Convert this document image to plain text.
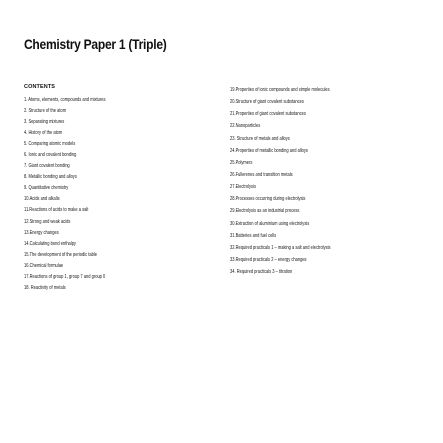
Chemistry Paper 1 (Triple)
CONTENTS
1. Atoms, elements, compounds and mixtures
2. Structure of the atom
3. Separating mixtures
4. History of the atom
5. Comparing atomic models
6. Ionic and covalent bonding
7. Giant covalent bonding
8. Metallic bonding and alloys
9. Quantitative chemistry
10.Acids and alkalis
11.Reactions of acids to make a salt
12.Strong and weak acids
13.Energy changes
14.Calculating bond enthalpy
15.The development of the periodic table
16.Chemical formulae
17.Reactions of group 1, group 7 and group 0
18. Reactivity of metals
19.Properties of ionic compounds and simple molecules
20.Structure of giant covalent substances
21.Properties of giant covalent substances
22.Nanoparticles
23. Structure of metals and alloys
24.Properties of metallic bonding and alloys
25.Polymers
26.Fullerenes and transition metals
27.Electrolysis
28.Processes occurring during electrolysis
29.Electrolysis as an industrial process
30.Extraction of aluminium using electrolysis
31.Batteries and fuel cells
32.Required practicals 1 – making a salt and electrolysis
33.Required practicals 2 – energy changes
34. Required practicals 3 – titration
